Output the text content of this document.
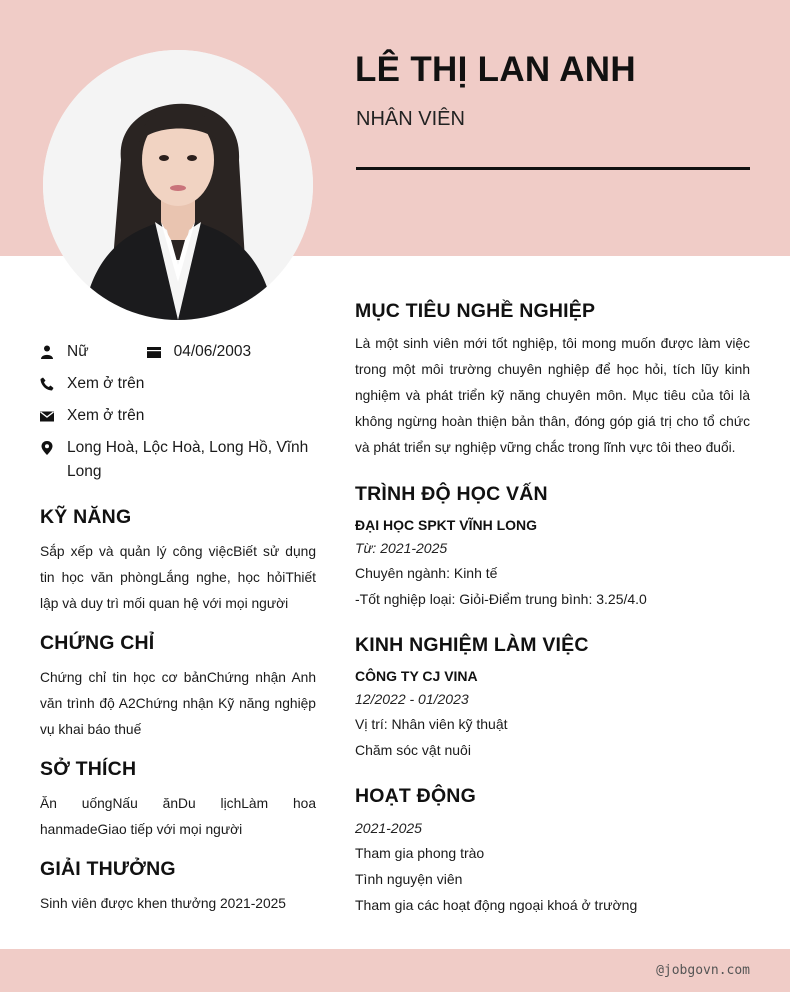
LÊ THỊ LAN ANH
NHÂN VIÊN
Nữ	04/06/2003
Xem ở trên
Xem ở trên
Long Hoà, Lộc Hoà, Long Hồ, Vĩnh Long
KỸ NĂNG
Sắp xếp và quản lý công việcBiết sử dụng tin học văn phòngLắng nghe, học hỏiThiết lập và duy trì mối quan hệ với mọi người
CHỨNG CHỈ
Chứng chỉ tin học cơ bảnChứng nhận Anh văn trình độ A2Chứng nhận Kỹ năng nghiệp vụ khai báo thuế
SỞ THÍCH
Ăn uốngNấu ănDu lịchLàm hoa hanmadeGiao tiếp với mọi người
GIẢI THƯỞNG
Sinh viên được khen thưởng 2021-2025
MỤC TIÊU NGHỀ NGHIỆP
Là một sinh viên mới tốt nghiệp, tôi mong muốn được làm việc trong một môi trường chuyên nghiệp để học hỏi, tích lũy kinh nghiệm và phát triển kỹ năng chuyên môn. Mục tiêu của tôi là không ngừng hoàn thiện bản thân, đóng góp giá trị cho tổ chức và phát triển sự nghiệp vững chắc trong lĩnh vực tôi theo đuổi.
TRÌNH ĐỘ HỌC VẤN
ĐẠI HỌC SPKT VĨNH LONG
Từ: 2021-2025
Chuyên ngành: Kinh tế
-Tốt nghiệp loại: Giỏi-Điểm trung bình: 3.25/4.0
KINH NGHIỆM LÀM VIỆC
CÔNG TY CJ VINA
12/2022 - 01/2023
Vị trí: Nhân viên kỹ thuật
Chăm sóc vật nuôi
HOẠT ĐỘNG
2021-2025
Tham gia phong trào
Tình nguyện viên
Tham gia các hoạt động ngoại khoá ở trường
@jobgovn.com
